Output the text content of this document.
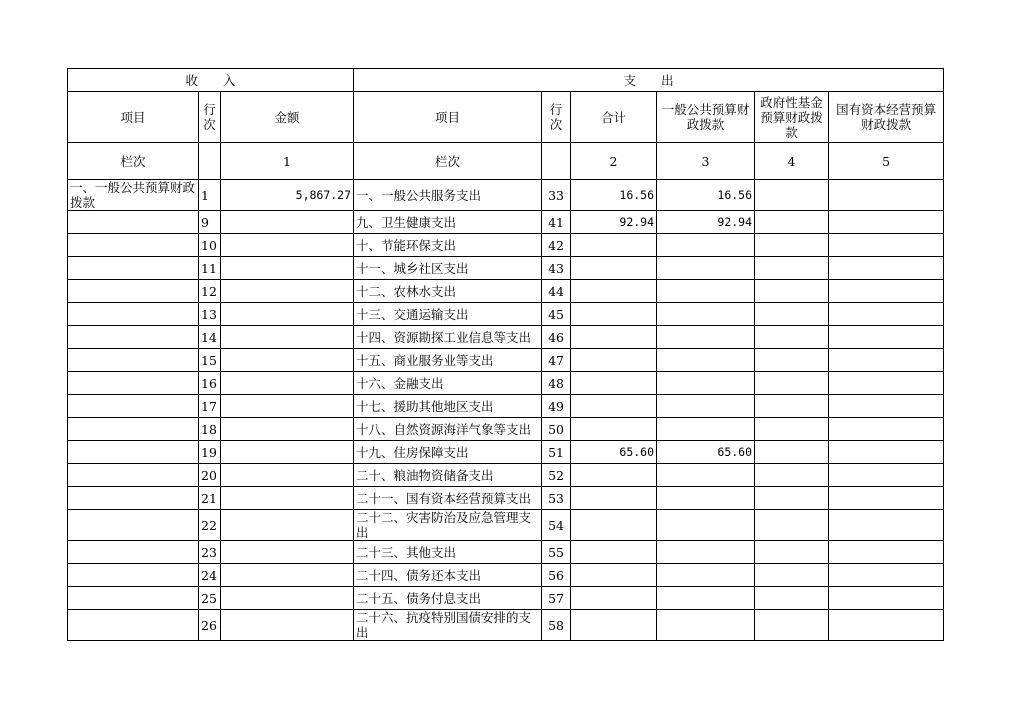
收　　入			支　　出					
项目	行次	金额	项目	行次	合计	一般公共预算财政拨款	政府性基金预算财政拨款	国有资本经营预算财政拨款
栏次		1	栏次		2	3	4	5
一、一般公共预算财政拨款	1	5,867.27	一、一般公共服务支出	33	16.56	16.56		
	9		九、卫生健康支出	41	92.94	92.94		
	10		十、节能环保支出	42				
	11		十一、城乡社区支出	43				
	12		十二、农林水支出	44				
	13		十三、交通运输支出	45				
	14		十四、资源勘探工业信息等支出	46				
	15		十五、商业服务业等支出	47				
	16		十六、金融支出	48				
	17		十七、援助其他地区支出	49				
	18		十八、自然资源海洋气象等支出	50				
	19		十九、住房保障支出	51	65.60	65.60		
	20		二十、粮油物资储备支出	52				
	21		二十一、国有资本经营预算支出	53				
	22		二十二、灾害防治及应急管理支出	54				
	23		二十三、其他支出	55				
	24		二十四、债务还本支出	56				
	25		二十五、债务付息支出	57				
	26		二十六、抗疫特别国债安排的支出	58				
